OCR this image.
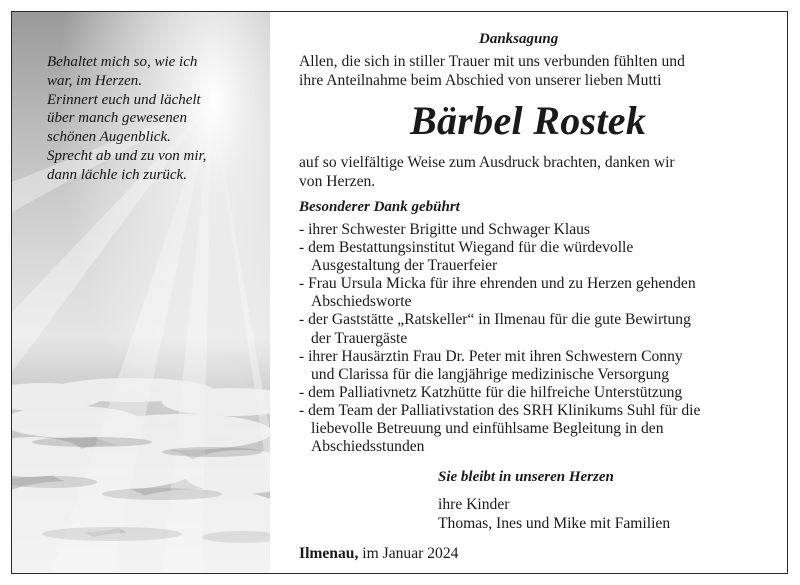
Behaltet mich so, wie ich
war, im Herzen.
Erinnert euch und lächelt
über manch gewesenen
schönen Augenblick.
Sprecht ab und zu von mir,
dann lächle ich zurück.
Danksagung
Allen, die sich in stiller Trauer mit uns verbunden fühlten und
ihre Anteilnahme beim Abschied von unserer lieben Mutti
Bärbel Rostek
auf so vielfältige Weise zum Ausdruck brachten, danken wir
von Herzen.
Besonderer Dank gebührt
- ihrer Schwester Brigitte und Schwager Klaus
- dem Bestattungsinstitut Wiegand für die würdevolle
Ausgestaltung der Trauerfeier
- Frau Ursula Micka für ihre ehrenden und zu Herzen gehenden
Abschiedsworte
- der Gaststätte „Ratskeller“ in Ilmenau für die gute Bewirtung
der Trauergäste
- ihrer Hausärztin Frau Dr. Peter mit ihren Schwestern Conny
und Clarissa für die langjährige medizinische Versorgung
- dem Palliativnetz Katzhütte für die hilfreiche Unterstützung
- dem Team der Palliativstation des SRH Klinikums Suhl für die
liebevolle Betreuung und einfühlsame Begleitung in den
Abschiedsstunden
Sie bleibt in unseren Herzen
ihre Kinder
Thomas, Ines und Mike mit Familien
Ilmenau, im Januar 2024
